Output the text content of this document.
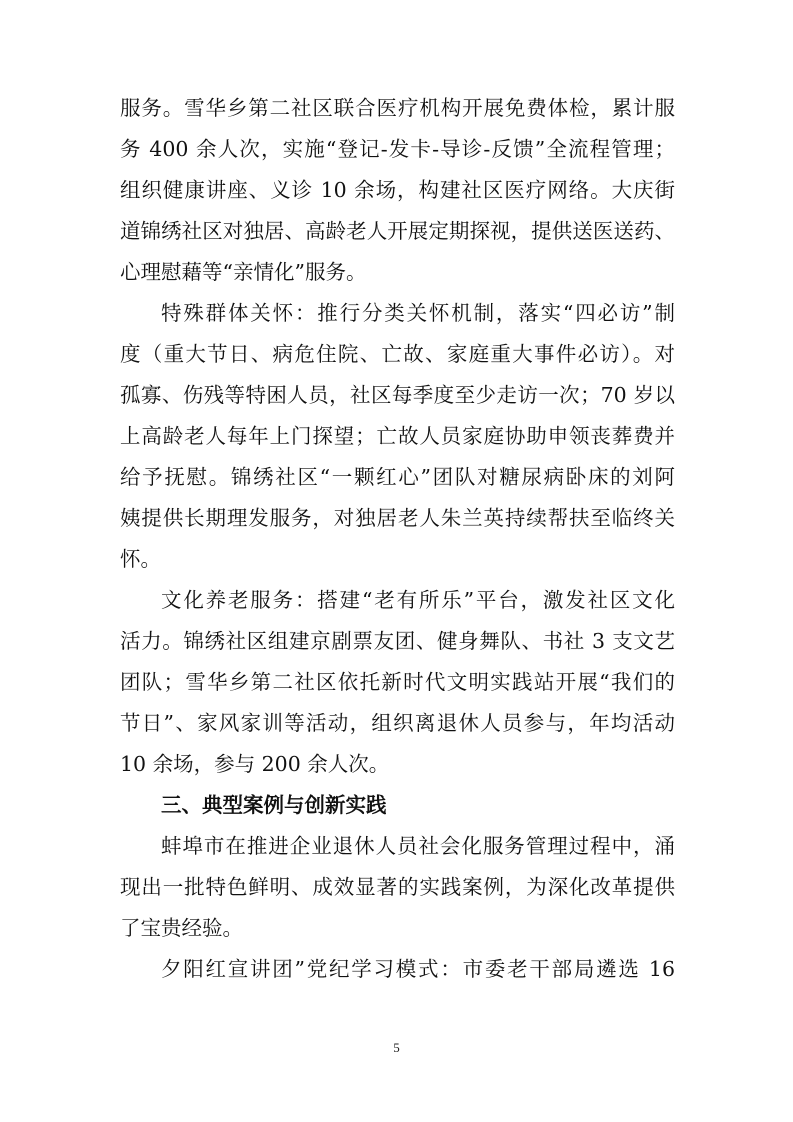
服务。雪华乡第二社区联合医疗机构开展免费体检，累计服
务 400 余人次，实施“登记-发卡-导诊-反馈”全流程管理；
组织健康讲座、义诊 10 余场，构建社区医疗网络。大庆街
道锦绣社区对独居、高龄老人开展定期探视，提供送医送药、
心理慰藉等“亲情化”服务。
特殊群体关怀：推行分类关怀机制，落实“四必访”制
度（重大节日、病危住院、亡故、家庭重大事件必访）。对
孤寡、伤残等特困人员，社区每季度至少走访一次；70 岁以
上高龄老人每年上门探望；亡故人员家庭协助申领丧葬费并
给予抚慰。锦绣社区“一颗红心”团队对糖尿病卧床的刘阿
姨提供长期理发服务，对独居老人朱兰英持续帮扶至临终关
怀。
文化养老服务：搭建“老有所乐”平台，激发社区文化
活力。锦绣社区组建京剧票友团、健身舞队、书社 3 支文艺
团队；雪华乡第二社区依托新时代文明实践站开展“我们的
节日”、家风家训等活动，组织离退休人员参与，年均活动
10 余场，参与 200 余人次。
三、典型案例与创新实践
蚌埠市在推进企业退休人员社会化服务管理过程中，涌
现出一批特色鲜明、成效显著的实践案例，为深化改革提供
了宝贵经验。
夕阳红宣讲团”党纪学习模式：市委老干部局遴选 16
5
